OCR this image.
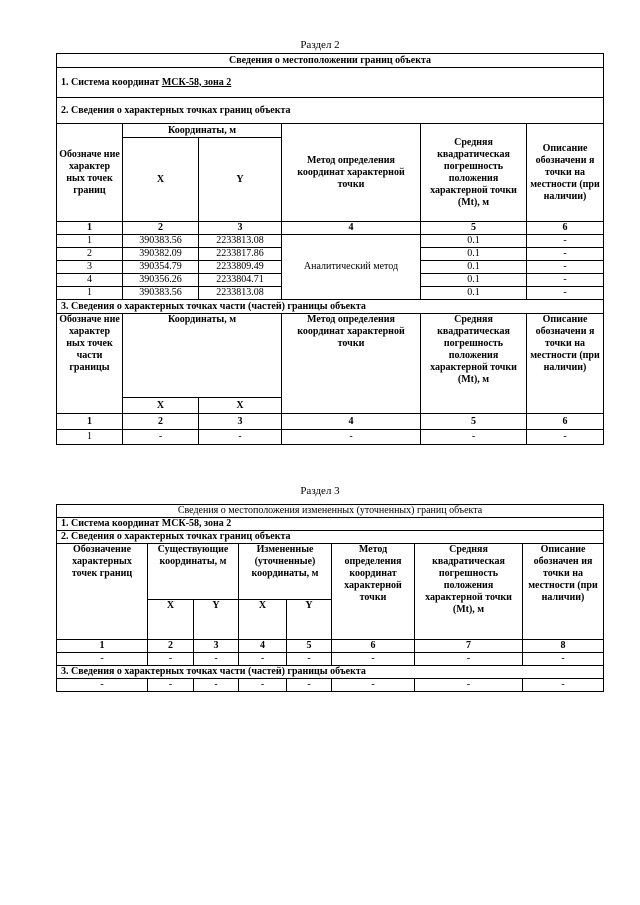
Раздел 2
Сведения о местоположении границ объекта					
1. Система координат МСК-58, зона 2					
2. Сведения о характерных точках границ объекта					
Обозначе ние характер ных точек границ	Координаты, м		Метод определения координат характерной точки	Средняя квадратическая погрешность положения характерной точки (Mt), м	Описание обозначени я точки на местности (при наличии)
	X	Y			
1	2	3	4	5	6
1	390383.56	2233813.08	Аналитический метод	0.1	-
2	390382.09	2233817.86		0.1	-
3	390354.79	2233809.49		0.1	-
4	390356.26	2233804.71		0.1	-
1	390383.56	2233813.08		0.1	-
3. Сведения о характерных точках части (частей) границы объекта					
Обозначе ние характер ных точек части границы	Координаты, м		Метод определения координат характерной точки	Средняя квадратическая погрешность положения характерной точки (Mt), м	Описание обозначени я точки на местности (при наличии)
	X	X			
1	2	3	4	5	6
1	-	-	-	-	-
Раздел 3
Сведения о местоположения измененных (уточненных) границ объекта							
1. Система координат МСК-58, зона 2							
2. Сведения о характерных точках границ объекта							
Обозначение характерных точек границ	Существующие координаты, м		Измененные (уточненные) координаты, м		Метод определения координат характерной точки	Средняя квадратическая погрешность положения характерной точки (Mt), м	Описание обозначен ия точки на местности (при наличии)
	X	Y	X	Y			
1	2	3	4	5	6	7	8
-	-	-	-	-	-	-	-
3. Сведения о характерных точках части (частей) границы объекта							
-	-	-	-	-	-	-	-
